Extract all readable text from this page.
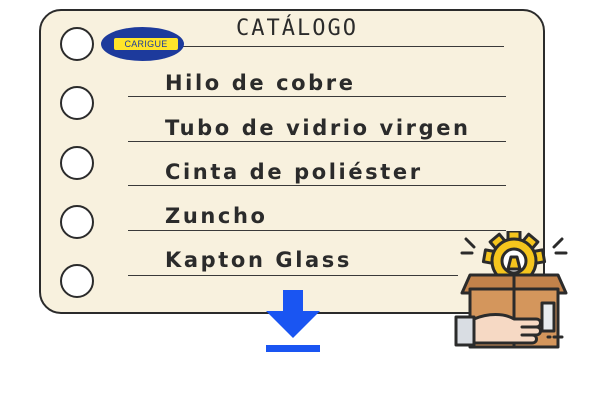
CARIGUE
CATÁLOGO
Hilo de cobre
Tubo de vidrio virgen
Cinta de poliéster
Zuncho
Kapton Glass
